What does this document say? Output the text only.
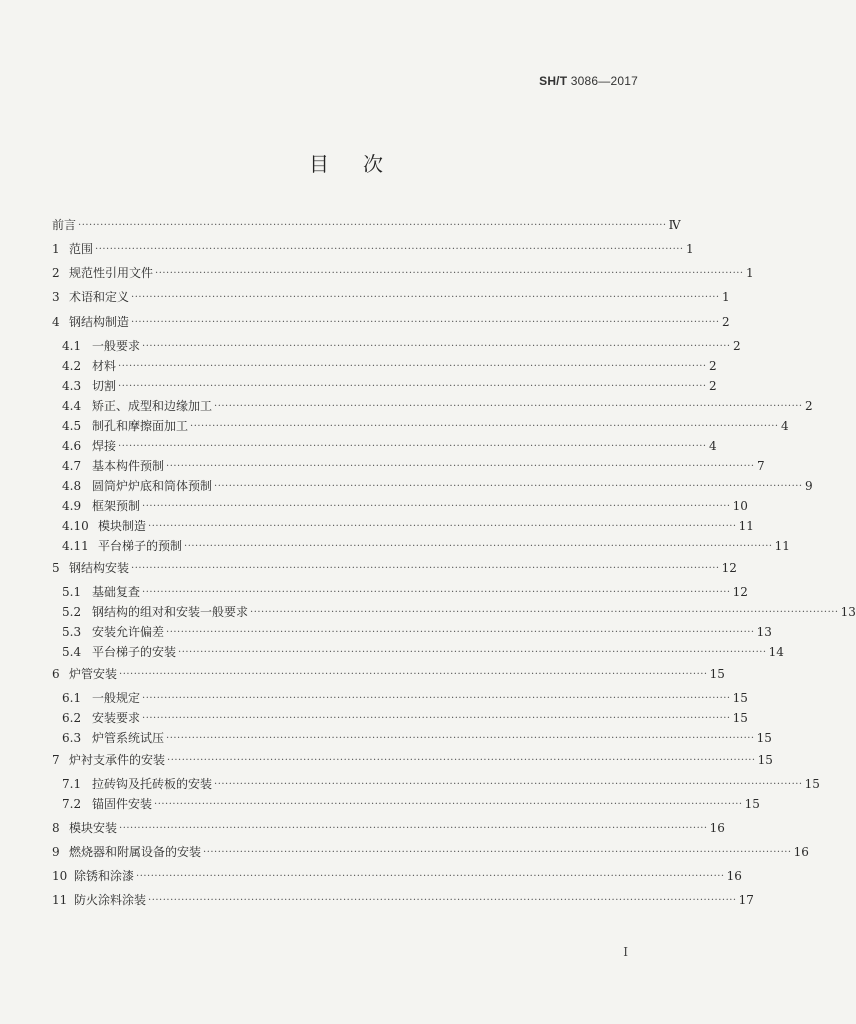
SH/T 3086—2017
目次
前言 ································································································································································ Ⅳ
1 范围 ································································································································································ 1
2 规范性引用文件 ································································································································································ 1
3 术语和定义 ································································································································································ 1
4 钢结构制造 ································································································································································ 2
4.1 一般要求 ································································································································································ 2
4.2 材料 ································································································································································ 2
4.3 切割 ································································································································································ 2
4.4 矫正、成型和边缘加工 ································································································································································ 2
4.5 制孔和摩擦面加工 ································································································································································ 4
4.6 焊接 ································································································································································ 4
4.7 基本构件预制 ································································································································································ 7
4.8 圆筒炉炉底和筒体预制 ································································································································································ 9
4.9 框架预制 ································································································································································ 10
4.10 模块制造 ································································································································································ 11
4.11 平台梯子的预制 ································································································································································ 11
5 钢结构安装 ································································································································································ 12
5.1 基础复查 ································································································································································ 12
5.2 钢结构的组对和安装一般要求 ································································································································································ 13
5.3 安装允许偏差 ································································································································································ 13
5.4 平台梯子的安装 ································································································································································ 14
6 炉管安装 ································································································································································ 15
6.1 一般规定 ································································································································································ 15
6.2 安装要求 ································································································································································ 15
6.3 炉管系统试压 ································································································································································ 15
7 炉衬支承件的安装 ································································································································································ 15
7.1 拉砖钩及托砖板的安装 ································································································································································ 15
7.2 锚固件安装 ································································································································································ 15
8 模块安装 ································································································································································ 16
9 燃烧器和附属设备的安装 ································································································································································ 16
10 除锈和涂漆 ································································································································································ 16
11 防火涂料涂装 ································································································································································ 17
Ⅰ
